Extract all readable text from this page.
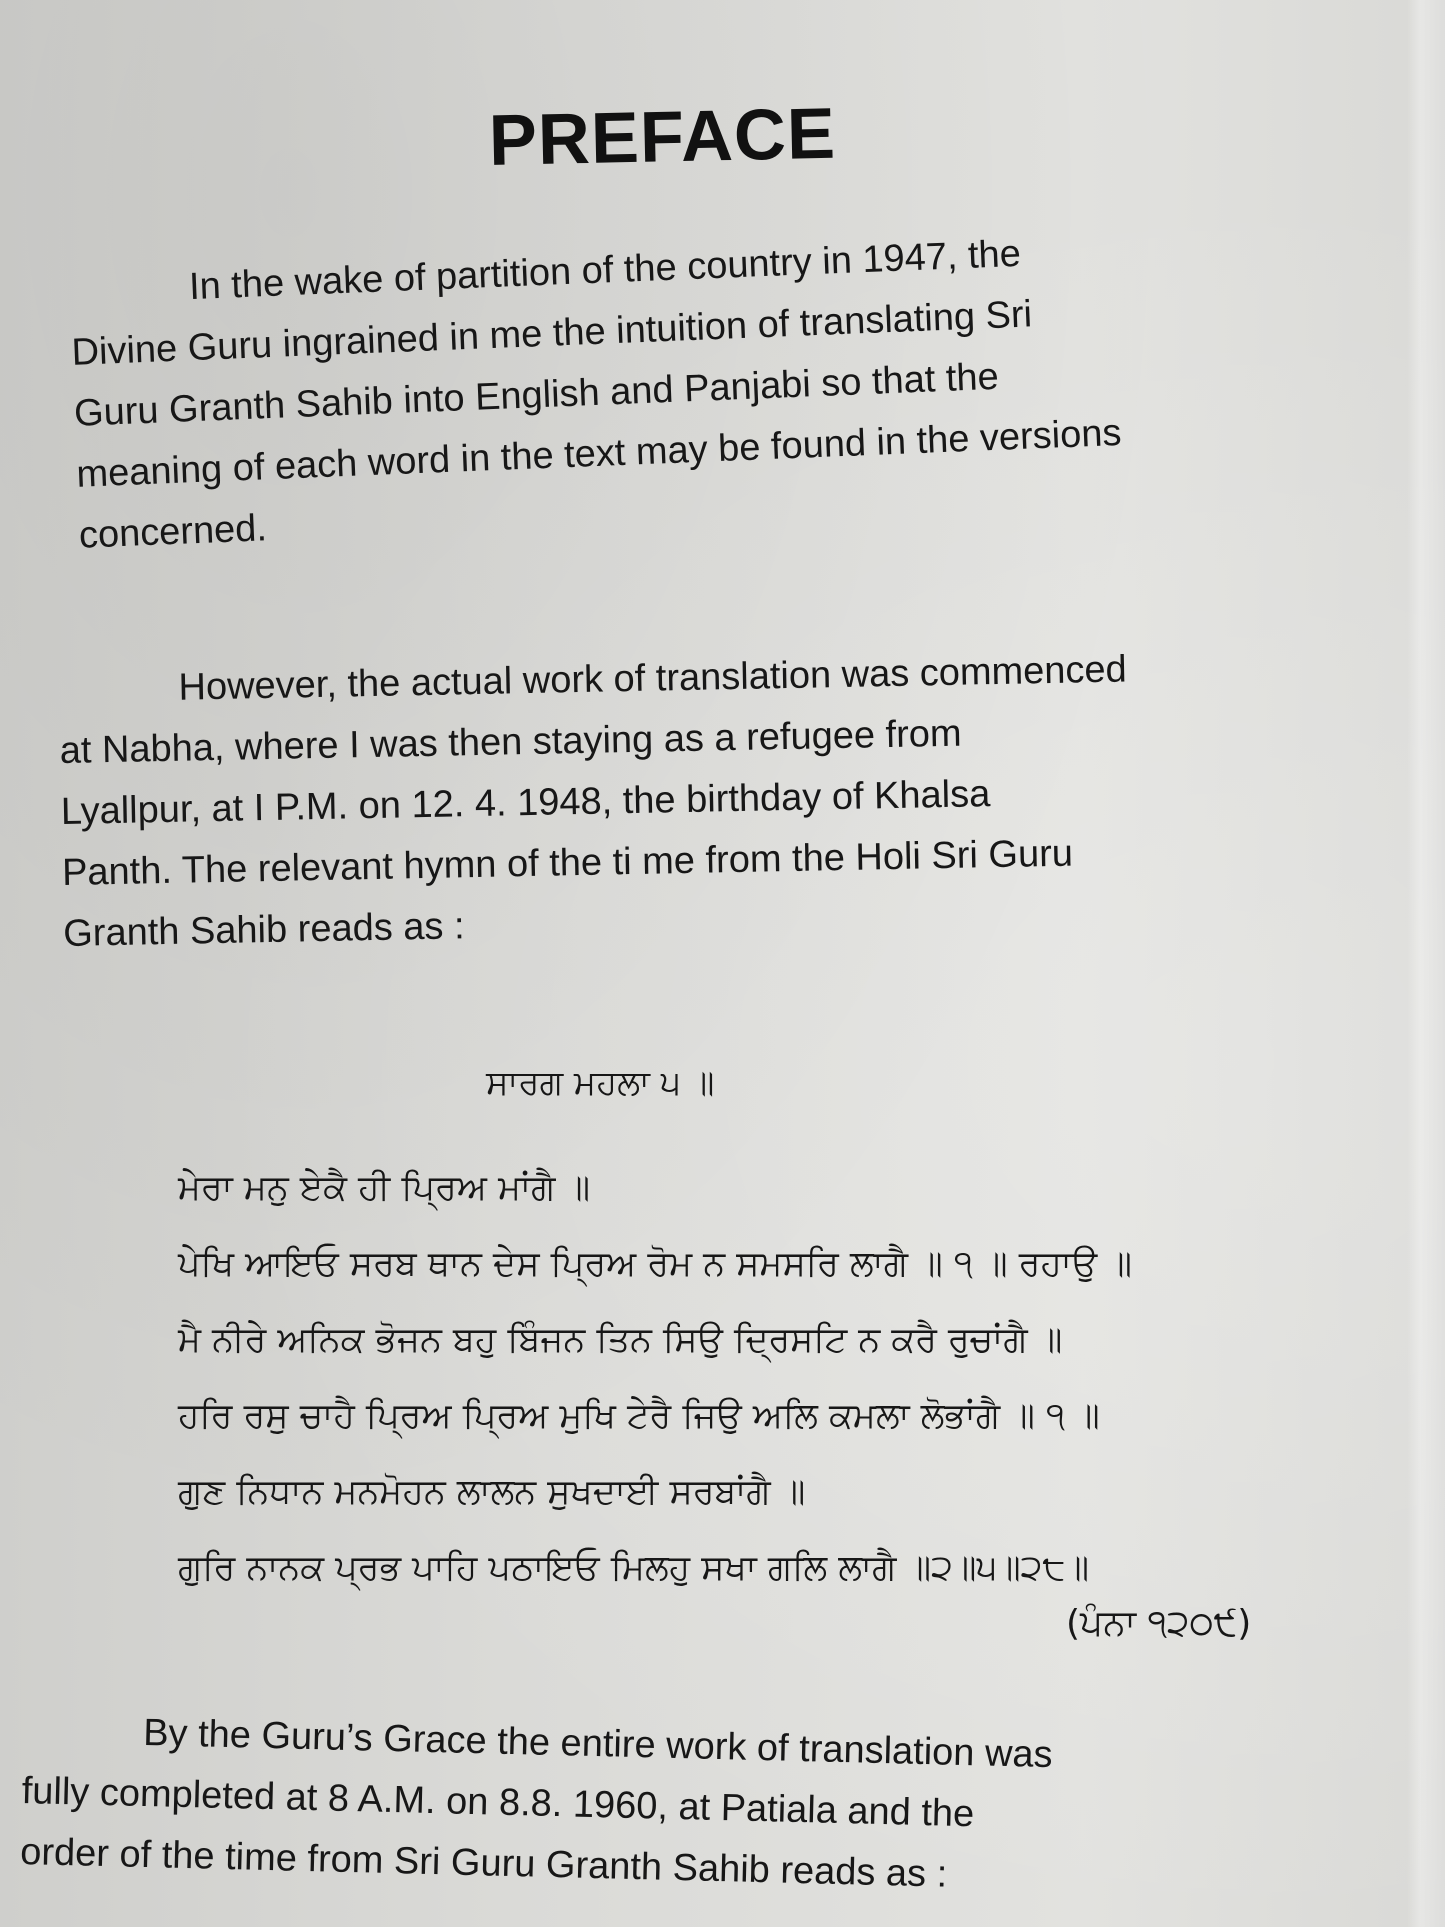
PREFACE

In the wake of partition of the country in 1947, the
Divine Guru ingrained in me the intuition of translating Sri
Guru Granth Sahib into English and Panjabi so that the
meaning of each word in the text may be found in the versions
concerned.

However, the actual work of translation was commenced
at Nabha, where I was then staying as a refugee from
Lyallpur, at I P.M. on 12. 4. 1948, the birthday of Khalsa
Panth. The relevant hymn of the ti me from the Holi Sri Guru
Granth Sahib reads as :

ਸਾਰਗ ਮਹਲਾ ੫ ॥

ਮੇਰਾ ਮਨੁ ਏਕੈ ਹੀ ਪ੍ਰਿਅ ਮਾਂਗੈ ॥
ਪੇਖਿ ਆਇਓ ਸਰਬ ਥਾਨ ਦੇਸ ਪ੍ਰਿਅ ਰੋਮ ਨ ਸਮਸਰਿ ਲਾਗੈ ॥ ੧ ॥ ਰਹਾਉ ॥
ਮੈ ਨੀਰੇ ਅਨਿਕ ਭੋਜਨ ਬਹੁ ਬਿੰਜਨ ਤਿਨ ਸਿਉ ਦ੍ਰਿਸਟਿ ਨ ਕਰੈ ਰੁਚਾਂਗੈ ॥
ਹਰਿ ਰਸੁ ਚਾਹੈ ਪ੍ਰਿਅ ਪ੍ਰਿਅ ਮੁਖਿ ਟੇਰੈ ਜਿਉ ਅਲਿ ਕਮਲਾ ਲੋਭਾਂਗੈ ॥ ੧ ॥
ਗੁਣ ਨਿਧਾਨ ਮਨਮੋਹਨ ਲਾਲਨ ਸੁਖਦਾਈ ਸਰਬਾਂਗੈ ॥
ਗੁਰਿ ਨਾਨਕ ਪ੍ਰਭ ਪਾਹਿ ਪਠਾਇਓ ਮਿਲਹੁ ਸਖਾ ਗਲਿ ਲਾਗੈ ॥੨॥੫॥੨੮॥

(ਪੰਨਾ ੧੨੦੯)

By the Guru’s Grace the entire work of translation was
fully completed at 8 A.M. on 8.8. 1960, at Patiala and the
order of the time from Sri Guru Granth Sahib reads as :
